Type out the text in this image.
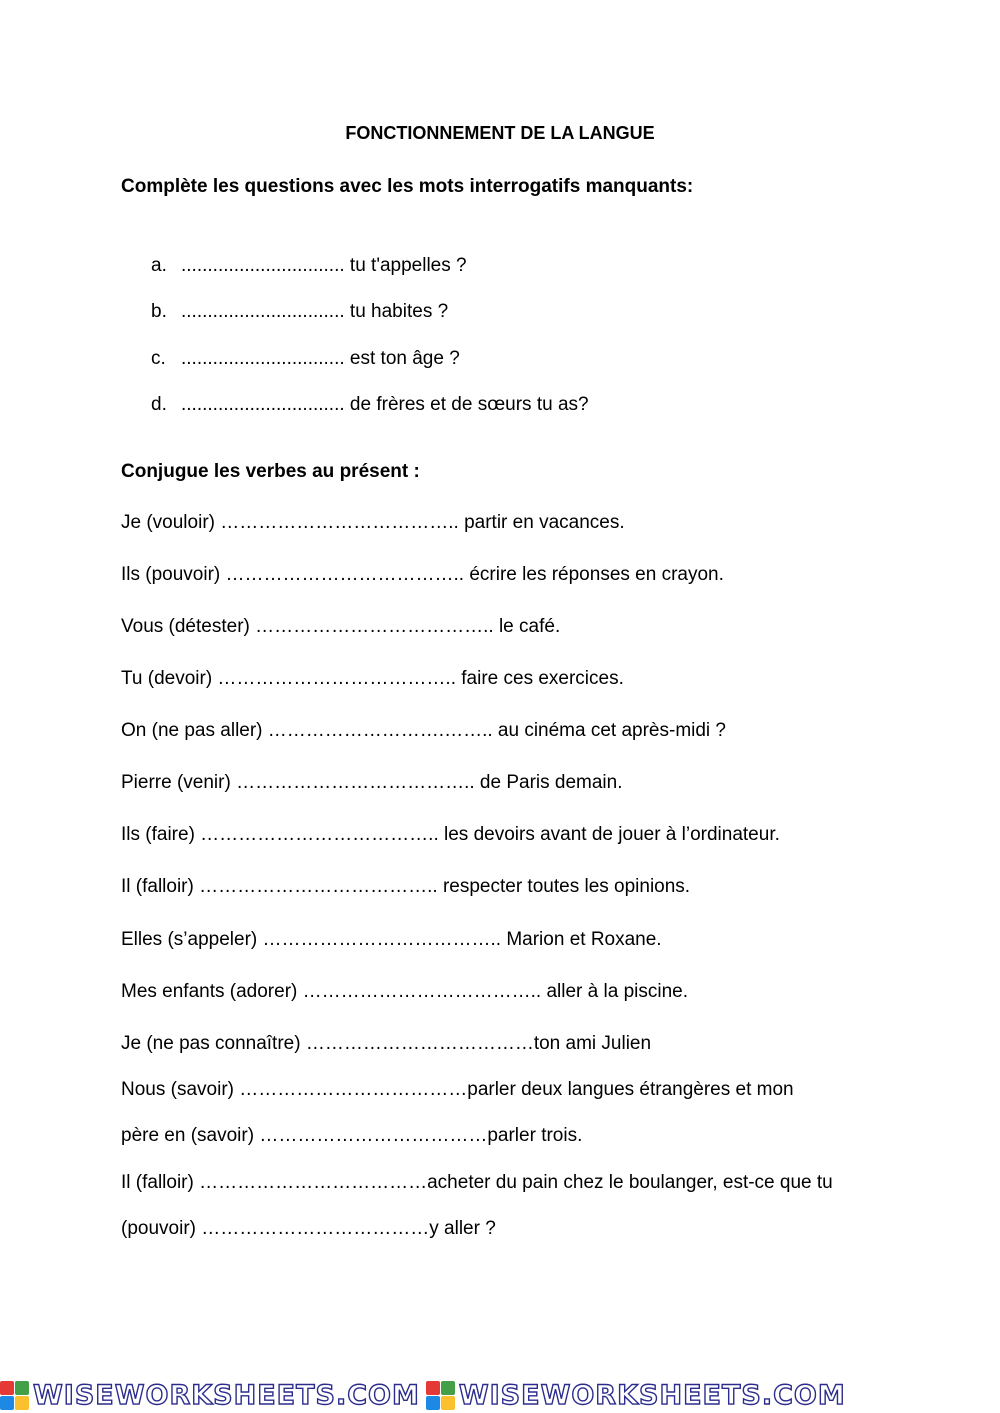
FONCTIONNEMENT DE LA LANGUE
Complète les questions avec les mots interrogatifs manquants:
a. ............................... tu t'appelles ?
b. ............................... tu habites ?
c. ............................... est ton âge ?
d. ............................... de frères et de sœurs tu as?
Conjugue les verbes au présent :
Je (vouloir) ……………………………….. partir en vacances.
Ils (pouvoir) ……………………………….. écrire les réponses en crayon.
Vous (détester) ……………………………….. le café.
Tu (devoir) ……………………………….. faire ces exercices.
On (ne pas aller) ……………………….…….. au cinéma cet après-midi ?
Pierre (venir) ……………………………….. de Paris demain.
Ils (faire) ……………………………….. les devoirs avant de jouer à l’ordinateur.
Il (falloir) ……………………………….. respecter toutes les opinions.
Elles (s’appeler) ……………………………….. Marion et Roxane.
Mes enfants (adorer) ……………………………….. aller à la piscine.
Je (ne pas connaître) ………………………………ton ami Julien
Nous (savoir) ………………………………parler deux langues étrangères et mon
père en (savoir) ………………………………parler trois.
Il (falloir) ………………………………acheter du pain chez le boulanger, est-ce que tu
(pouvoir) ………………………………y aller ?
WISEWORKSHEETS.COM WISEWORKSHEETS.COM
